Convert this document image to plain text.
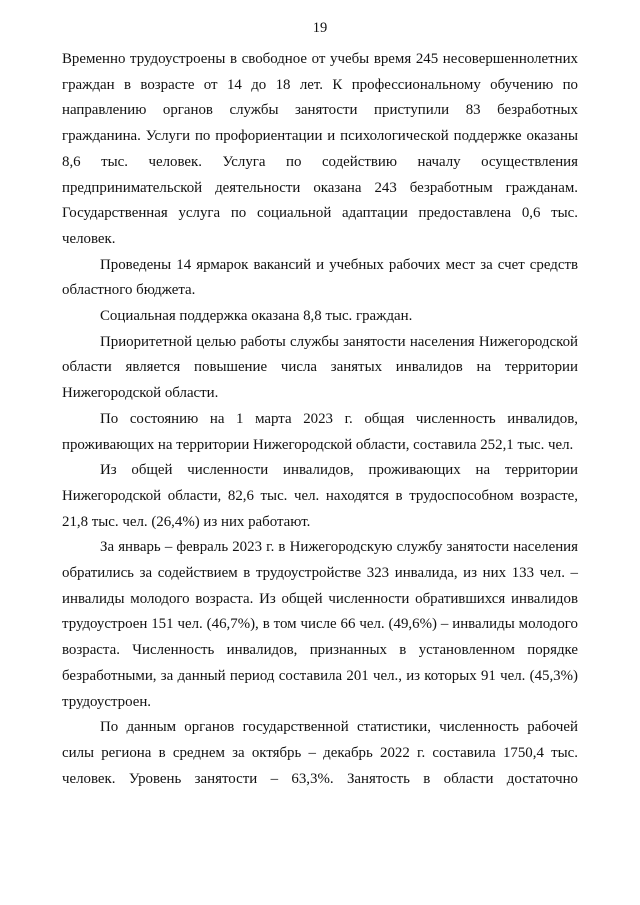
19

Временно трудоустроены в свободное от учебы время 245 несовершеннолетних граждан в возрасте от 14 до 18 лет. К профессиональному обучению по направлению органов службы занятости приступили 83 безработных гражданина. Услуги по профориентации и психологической поддержке оказаны 8,6 тыс. человек. Услуга по содействию началу осуществления предпринимательской деятельности оказана 243 безработным гражданам. Государственная услуга по социальной адаптации предоставлена 0,6 тыс. человек.

Проведены 14 ярмарок вакансий и учебных рабочих мест за счет средств областного бюджета.

Социальная поддержка оказана 8,8 тыс. граждан.

Приоритетной целью работы службы занятости населения Нижегородской области является повышение числа занятых инвалидов на территории Нижегородской области.

По состоянию на 1 марта 2023 г. общая численность инвалидов, проживающих на территории Нижегородской области, составила 252,1 тыс. чел.

Из общей численности инвалидов, проживающих на территории Нижегородской области, 82,6 тыс. чел. находятся в трудоспособном возрасте, 21,8 тыс. чел. (26,4%) из них работают.

За январь – февраль 2023 г. в Нижегородскую службу занятости населения обратились за содействием в трудоустройстве 323 инвалида, из них 133 чел. – инвалиды молодого возраста. Из общей численности обратившихся инвалидов трудоустроен 151 чел. (46,7%), в том числе 66 чел. (49,6%) – инвалиды молодого возраста. Численность инвалидов, признанных в установленном порядке безработными, за данный период составила 201 чел., из которых 91 чел. (45,3%) трудоустроен.

По данным органов государственной статистики, численность рабочей силы региона в среднем за октябрь – декабрь 2022 г. составила 1750,4 тыс. человек. Уровень занятости – 63,3%. Занятость в области достаточно
